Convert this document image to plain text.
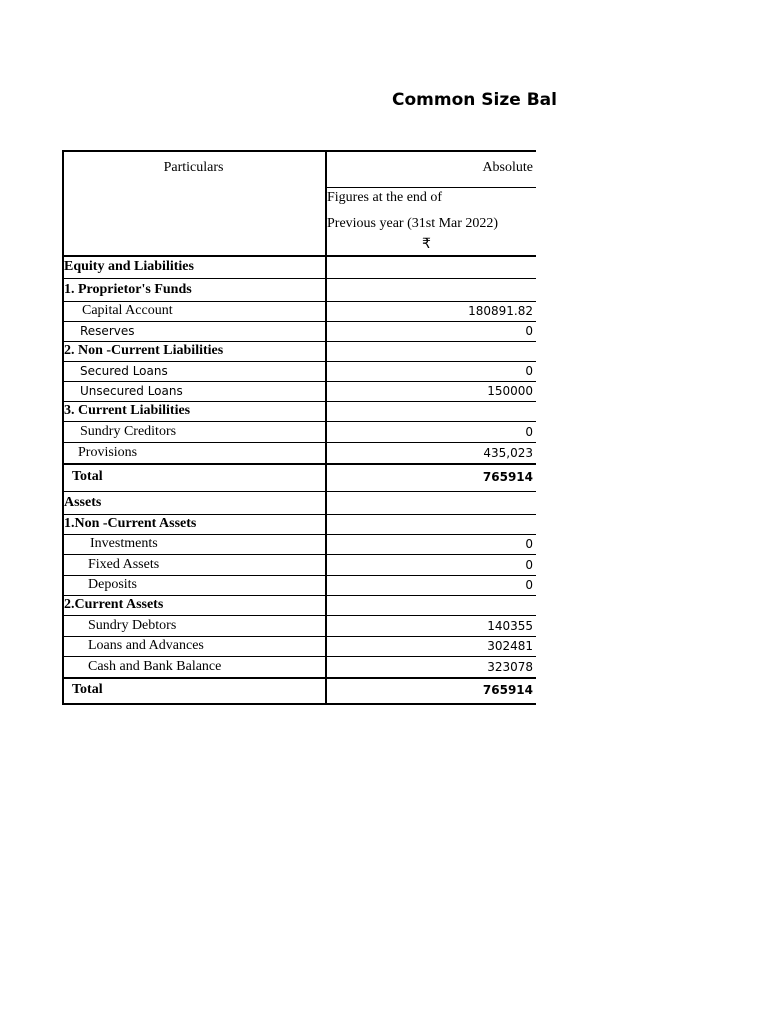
Common Size Bal
Particulars	Absolute
Figures at the end of
Previous year (31st Mar 2022)
₹
Equity and Liabilities
1. Proprietor's Funds
Capital Account	180891.82
Reserves	0
2. Non -Current Liabilities
Secured Loans	0
Unsecured Loans	150000
3. Current Liabilities
Sundry Creditors	0
Provisions	435,023
Total	765914
Assets
1.Non -Current Assets
Investments	0
Fixed Assets	0
Deposits	0
2.Current Assets
Sundry Debtors	140355
Loans and Advances	302481
Cash and Bank Balance	323078
Total	765914
